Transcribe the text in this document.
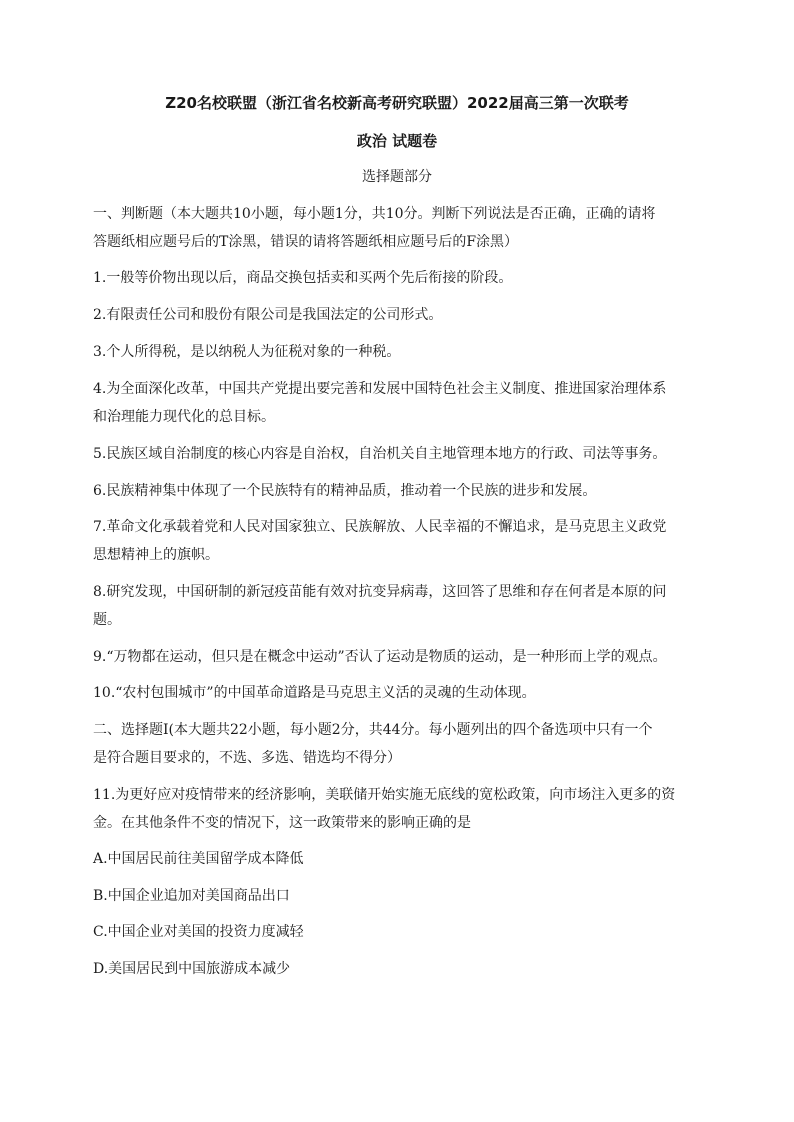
Z20名校联盟（浙江省名校新高考研究联盟）2022届高三第一次联考
政治 试题卷
选择题部分
一、判断题（本大题共10小题，每小题1分，共10分。判断下列说法是否正确，正确的请将
答题纸相应题号后的T涂黑，错误的请将答题纸相应题号后的F涂黑）
1.一般等价物出现以后，商品交换包括卖和买两个先后衔接的阶段。
2.有限责任公司和股份有限公司是我国法定的公司形式。
3.个人所得税，是以纳税人为征税对象的一种税。
4.为全面深化改革，中国共产党提出要完善和发展中国特色社会主义制度、推进国家治理体系
和治理能力现代化的总目标。
5.民族区域自治制度的核心内容是自治权，自治机关自主地管理本地方的行政、司法等事务。
6.民族精神集中体现了一个民族特有的精神品质，推动着一个民族的进步和发展。
7.革命文化承载着党和人民对国家独立、民族解放、人民幸福的不懈追求，是马克思主义政党
思想精神上的旗帜。
8.研究发现，中国研制的新冠疫苗能有效对抗变异病毒，这回答了思维和存在何者是本原的问
题。
9.“万物都在运动，但只是在概念中运动”否认了运动是物质的运动，是一种形而上学的观点。
10.“农村包围城市”的中国革命道路是马克思主义活的灵魂的生动体现。
二、选择题Ⅰ(本大题共22小题，每小题2分，共44分。每小题列出的四个备选项中只有一个
是符合题目要求的，不选、多选、错选均不得分）
11.为更好应对疫情带来的经济影响，美联储开始实施无底线的宽松政策，向市场注入更多的资
金。在其他条件不变的情况下，这一政策带来的影响正确的是
A.中国居民前往美国留学成本降低
B.中国企业追加对美国商品出口
C.中国企业对美国的投资力度减轻
D.美国居民到中国旅游成本减少
